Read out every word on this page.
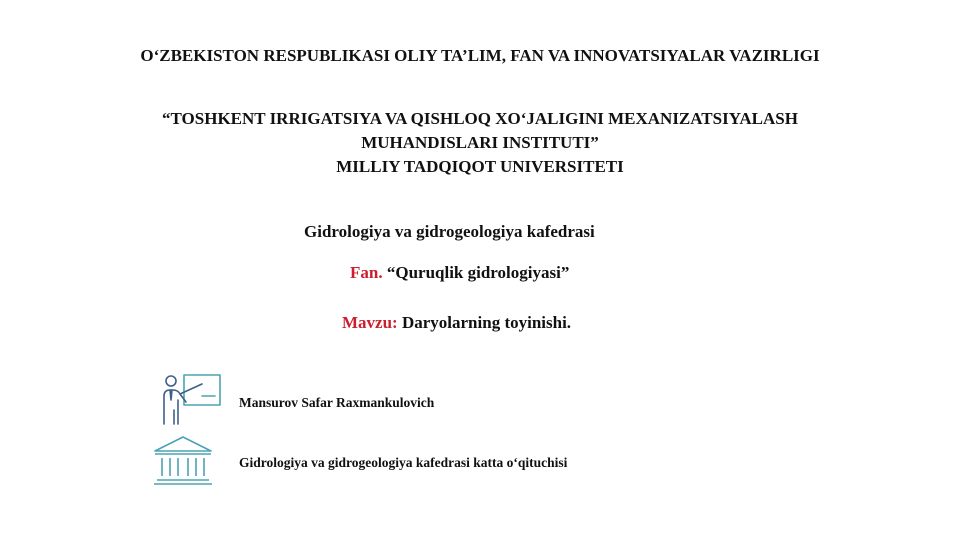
O‘ZBEKISTON RESPUBLIKASI OLIY TA’LIM, FAN VA INNOVATSIYALAR VAZIRLIGI
“TOSHKENT IRRIGATSIYA VA QISHLOQ XO‘JALIGINI MEXANIZATSIYALASH
MUHANDISLARI INSTITUTI”
MILLIY TADQIQOT UNIVERSITETI
Gidrologiya va gidrogeologiya kafedrasi
Fan. “Quruqlik gidrologiyasi”
Mavzu: Daryolarning toyinishi.
Mansurov Safar Raxmankulovich
Gidrologiya va gidrogeologiya kafedrasi katta o‘qituchisi
